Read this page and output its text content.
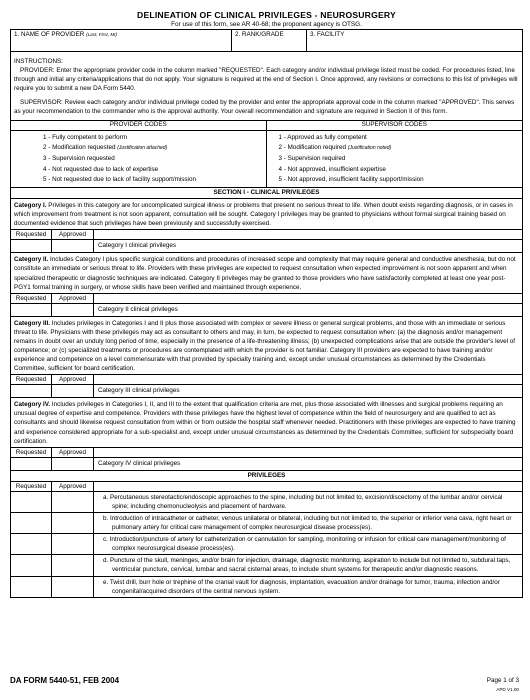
DELINEATION OF CLINICAL PRIVILEGES - NEUROSURGERY
For use of this form, see AR 40-68; the proponent agency is OTSG.
1. NAME OF PROVIDER (Last, First, MI)	2. RANK/GRADE	3. FACILITY
INSTRUCTIONS:

PROVIDER: Enter the appropriate provider code in the column marked "REQUESTED". Each category and/or individual privilege listed must be coded. For procedures listed, line through and initial any criteria/applications that do not apply. Your signature is required at the end of Section I. Once approved, any revisions or corrections to this list of privileges will require you to submit a new DA Form 5440.

SUPERVISOR: Review each category and/or individual privilege coded by the provider and enter the appropriate approval code in the column marked "APPROVED". This serves as your recommendation to the commander who is the approval authority. Your overall recommendation and signature are required in Section II of this form.

PROVIDER CODES
1 - Fully competent to perform
2 - Modification requested (Justification attached)
3 - Supervision requested
4 - Not requested due to lack of expertise
5 - Not requested due to lack of facility support/mission
SUPERVISOR CODES
1 - Approved as fully competent
2 - Modification required (Justification noted)
3 - Supervision required
4 - Not approved, insufficient expertise
5 - Not approved, insufficient facility support/mission
SECTION I - CLINICAL PRIVILEGES
Category I. Privileges in this category are for uncomplicated surgical illness or problems that present no serious threat to life. When doubt exists regarding diagnosis, or in cases in which improvement from treatment is not soon apparent, consultation will be sought. Category I privileges may be granted to physicians without formal surgical training based on documented evidence that such privileges have been previously and successfully exercised.
Requested	Approved
Category I clinical privileges
Category II. Includes Category I plus specific surgical conditions and procedures of increased scope and complexity that may require general and conductive anesthesia, but do not constitute an immediate or serious threat to life. Providers with these privileges are expected to request consultation when expected improvement is not soon apparent and when specialized therapeutic or diagnostic techniques are indicated. Category II privileges may be granted to those providers who have satisfactorily completed at least one year post-PGY1 formal training in surgery, or whose skills have been verified and maintained through experience.
Requested	Approved
Category II clinical privileges
Category III. Includes privileges in Categories I and II plus those associated with complex or severe illness or general surgical problems, and those with an immediate or serious threat to life. Physicians with these privileges may act as consultant to others and may, in turn, be expected to request consultation when: (a) the diagnosis and/or management remains in doubt over an unduly long period of time, especially in the presence of a life-threatening illness; (b) unexpected complications arise that are outside the provider's level of competence; or (c) specialized treatments or procedures are contemplated with which the provider is not familiar. Category III providers are expected to have training and/or experience and competence on a level commensurate with that provided by specialty training and, except under unusual circumstances as determined by the Credentials Committee, sufficient for board certification.
Requested	Approved
Category III clinical privileges
Category IV. Includes privileges in Categories I, II, and III to the extent that qualification criteria are met, plus those associated with illnesses and surgical problems requiring an unusual degree of expertise and competence. Providers with these privileges have the highest level of competence within the field of neurosurgery and are qualified to act as consultants and should likewise request consultation from within or from outside the hospital staff whenever needed. Practitioners with these privileges are expected to have training and experience considered appropriate for a sub-specialist and, except under unusual circumstances as determined by the Credentials Committee, sufficient for subspecialty board certification.
Requested	Approved
Category IV clinical privileges
PRIVILEGES
Requested	Approved
a. Percutaneous stereotactic/endoscopic approaches to the spine, including but not limited to, excision/discectomy of the lumbar and/or cervical spine; including chemonucleolysis and placement of hardware.
b. Introduction of intracatheter or catheter, venous unilateral or bilateral, including but not limited to, the superior or inferior vena cava, right heart or pulmonary artery for critical care management of complex neurosurgical disease process(es).
c. Introduction/puncture of artery for catheterization or cannulation for sampling, monitoring or infusion for critical care management/monitoring of complex neurosurgical disease process(es).
d. Puncture of the skull, meninges, and/or brain for injection, drainage, diagnostic monitoring, aspiration to include but not limited to, subdural taps, ventricular puncture, cervical, lumbar and sacral cisternal areas, to include shunt systems for therapeutic and/or diagnostic reasons.
e. Twist drill, burr hole or trephine of the cranial vault for diagnosis, implantation, evacuation and/or drainage for tumor, trauma, infection and/or congenital/acquired disorders of the central nervous system.
DA FORM 5440-51, FEB 2004	Page 1 of 3
APD V1.00
